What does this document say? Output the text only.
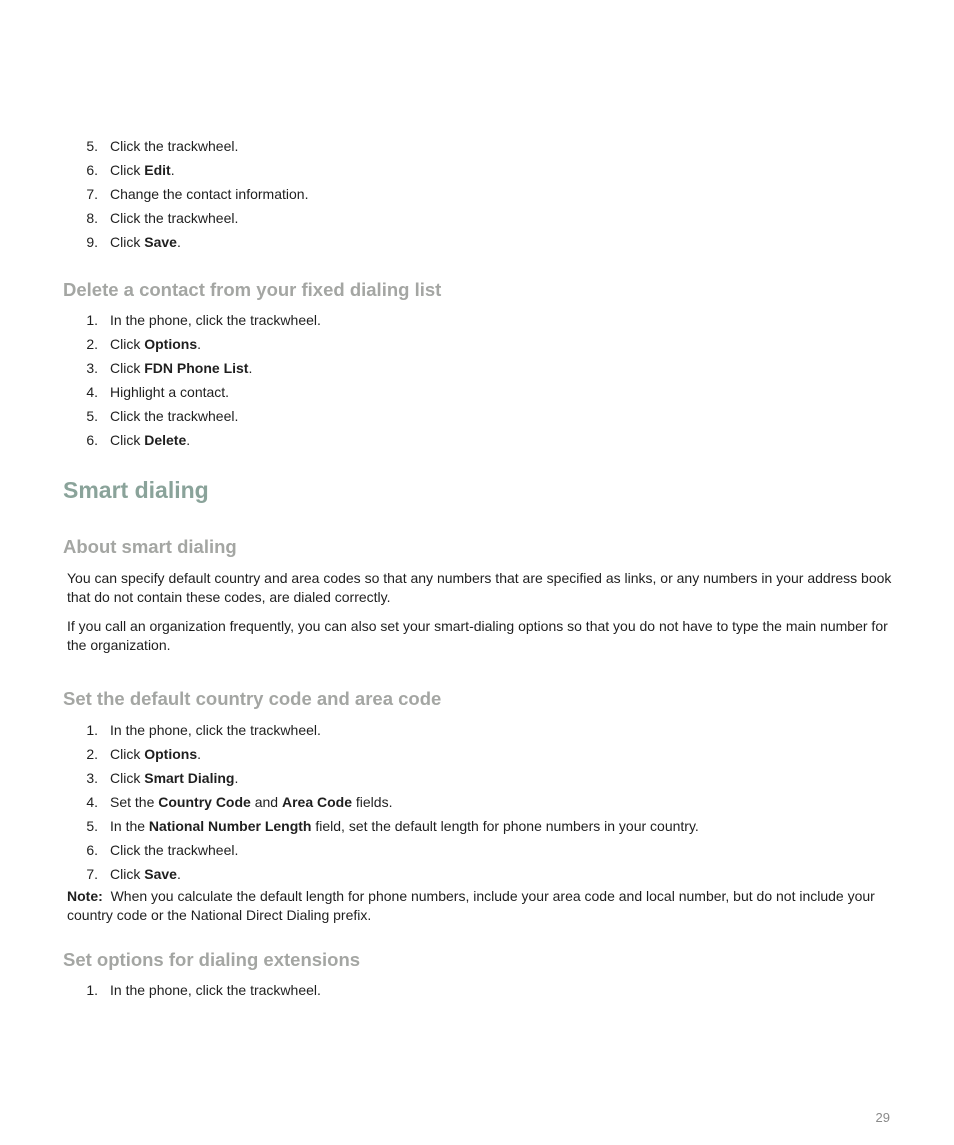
5. Click the trackwheel.
6. Click Edit.
7. Change the contact information.
8. Click the trackwheel.
9. Click Save.
Delete a contact from your fixed dialing list
1. In the phone, click the trackwheel.
2. Click Options.
3. Click FDN Phone List.
4. Highlight a contact.
5. Click the trackwheel.
6. Click Delete.
Smart dialing
About smart dialing

You can specify default country and area codes so that any numbers that are specified as links, or any numbers in your address book that do not contain these codes, are dialed correctly.

If you call an organization frequently, you can also set your smart-dialing options so that you do not have to type the main number for the organization.

Set the default country code and area code
1. In the phone, click the trackwheel.
2. Click Options.
3. Click Smart Dialing.
4. Set the Country Code and Area Code fields.
5. In the National Number Length field, set the default length for phone numbers in your country.
6. Click the trackwheel.
7. Click Save.

Note: When you calculate the default length for phone numbers, include your area code and local number, but do not include your country code or the National Direct Dialing prefix.

Set options for dialing extensions
1. In the phone, click the trackwheel.
29
